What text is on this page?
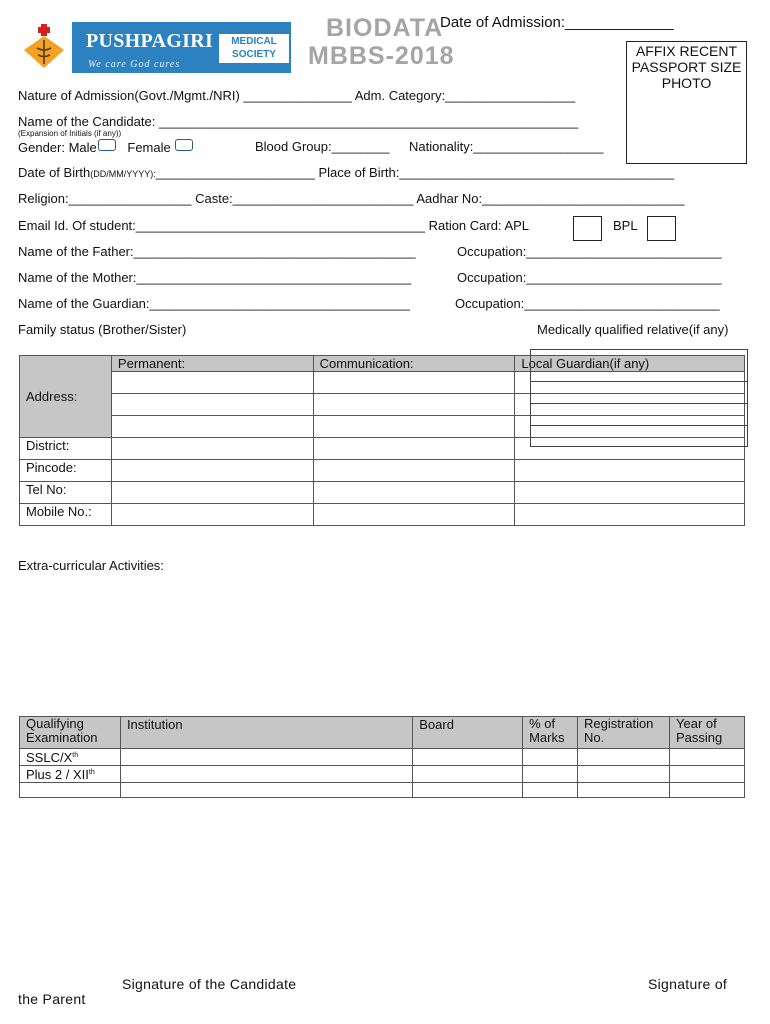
PUSHPAGIRI
We care God cures
MEDICAL
SOCIETY
BIODATA
MBBS-2018
Date of Admission:_____________
AFFIX RECENT
PASSPORT SIZE
PHOTO
Nature of Admission(Govt./Mgmt./NRI) _______________ Adm. Category:__________________
Name of the Candidate: __________________________________________________________
(Expansion of Initials (if any))
Gender: Male Female	Blood Group:________ Nationality:__________________
Date of Birth(DD/MM/YYYY):______________________ Place of Birth:______________________________________
Religion:_________________ Caste:_________________________ Aadhar No:____________________________
Email Id. Of student:________________________________________ Ration Card: APL	BPL
Name of the Father:_______________________________________	Occupation:___________________________
Name of the Mother:______________________________________	Occupation:___________________________
Name of the Guardian:____________________________________	Occupation:___________________________
Family status (Brother/Sister)	Medically qualified relative(if any)
Address:	Permanent:	Communication:	Local Guardian(if any)

District:			
Pincode:			
Tel No:			
Mobile No.:			
Extra-curricular Activities:
Qualifying Examination	Institution	Board	% of Marks	Registration No.	Year of Passing
SSLC/Xth					
Plus 2 / XIIth					

Signature of the Candidate	Signature of
the Parent
